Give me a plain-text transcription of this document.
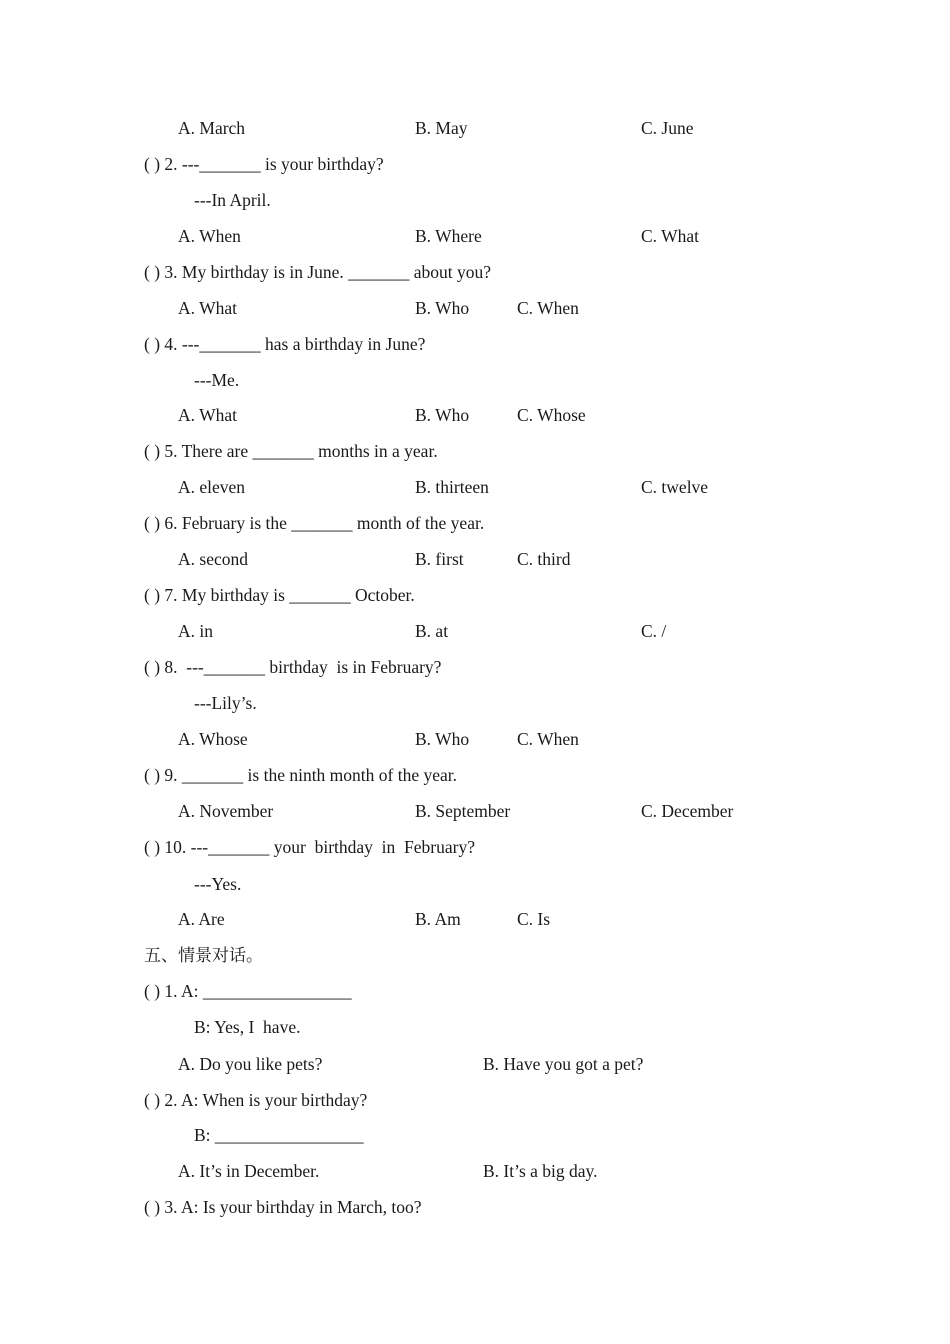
A. March	B. May	C. June
( ) 2. ---_______ is your birthday?
---In April.
A. When	B. Where	C. What
( ) 3. My birthday is in June. _______ about you?
A. What	B. Who	C. When
( ) 4. ---_______ has a birthday in June?
---Me.
A. What	B. Who	C. Whose
( ) 5. There are _______ months in a year.
A. eleven	B. thirteen	C. twelve
( ) 6. February is the _______ month of the year.
A. second	B. first	C. third
( ) 7. My birthday is _______ October.
A. in	B. at	C. /
( ) 8.  ---_______ birthday  is in February?
---Lily’s.
A. Whose	B. Who	C. When
( ) 9. _______ is the ninth month of the year.
A. November	B. September	C. December
( ) 10. ---_______ your  birthday  in  February?
---Yes.
A. Are	B. Am	C. Is
五、情景对话。
( ) 1. A: _________________
B: Yes, I  have.
A. Do you like pets?	B. Have you got a pet?
( ) 2. A: When is your birthday?
B: _________________
A. It’s in December.	B. It’s a big day.
( ) 3. A: Is your birthday in March, too?
